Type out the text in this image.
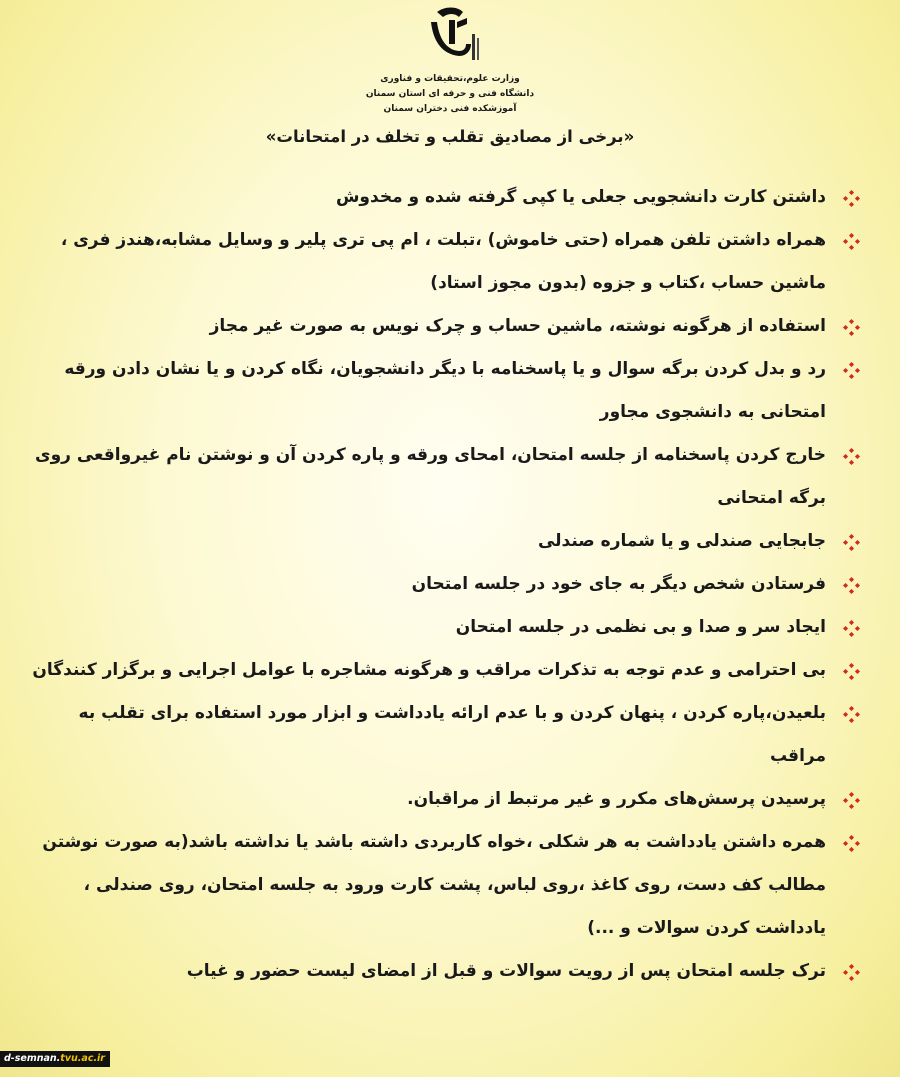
وزارت علوم،تحقیقات و فناوری
دانشگاه فنی و حرفه ای استان سمنان
آموزشکده فنی دختران سمنان
«برخی از مصادیق تقلب و تخلف در امتحانات»
داشتن کارت دانشجویی جعلی یا کپی گرفته شده و مخدوش
همراه داشتن تلفن همراه (حتی خاموش) ،تبلت ، ام پی تری پلیر و وسایل مشابه،هندز فری ، ماشین حساب ،کتاب و جزوه (بدون مجوز استاد)
استفاده از هرگونه نوشته، ماشین حساب و چرک نویس به صورت غیر مجاز
رد و بدل کردن برگه سوال و یا پاسخنامه با دیگر دانشجویان، نگاه کردن و یا نشان دادن ورقه امتحانی به دانشجوی مجاور
خارج کردن پاسخنامه از جلسه امتحان، امحای ورقه و پاره کردن آن و نوشتن نام غیرواقعی روی برگه امتحانی
جابجایی صندلی و یا شماره صندلی
فرستادن شخص دیگر به جای خود در جلسه امتحان
ایجاد سر و صدا و بی نظمی در جلسه امتحان
بی احترامی و عدم توجه به تذکرات مراقب و هرگونه مشاجره با عوامل اجرایی و برگزار کنندگان
بلعیدن،پاره کردن ، پنهان کردن و با عدم ارائه یادداشت و ابزار مورد استفاده برای تقلب به مراقب
پرسیدن پرسش‌های مکرر و غیر مرتبط از مراقبان.
همره داشتن یادداشت به هر شکلی ،خواه کاربردی داشته باشد یا نداشته باشد(به صورت نوشتن مطالب کف دست، روی کاغذ ،روی لباس، پشت کارت ورود به جلسه امتحان، روی صندلی ، یادداشت کردن سوالات و ...)
ترک جلسه امتحان پس از رویت سوالات و قبل از امضای لیست حضور و غیاب
d-semnan.tvu.ac.ir
